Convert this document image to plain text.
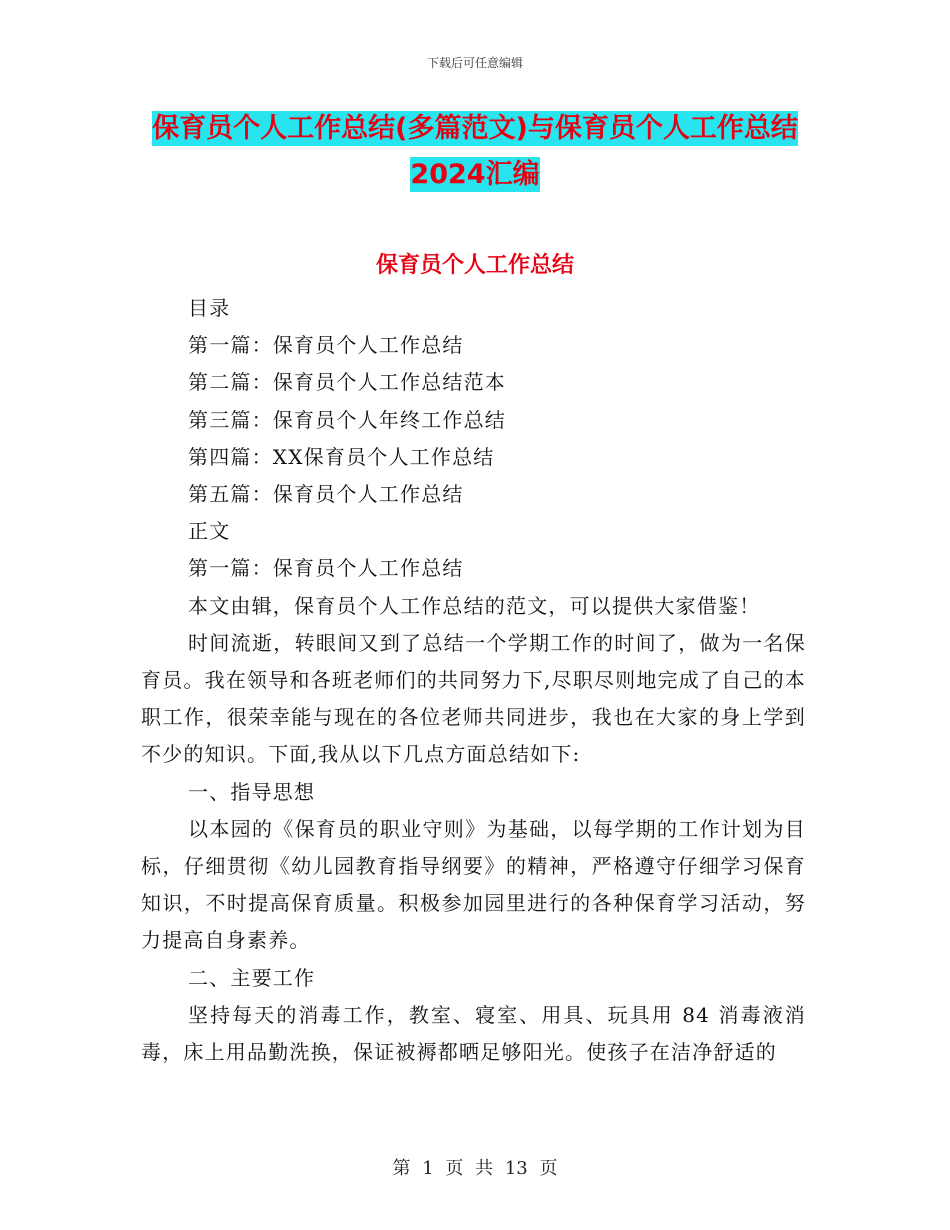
下载后可任意编辑
保育员个人工作总结(多篇范文)与保育员个人工作总结2024汇编
保育员个人工作总结

目录

第一篇：保育员个人工作总结

第二篇：保育员个人工作总结范本

第三篇：保育员个人年终工作总结

第四篇：XX保育员个人工作总结

第五篇：保育员个人工作总结

正文

第一篇：保育员个人工作总结

本文由辑，保育员个人工作总结的范文，可以提供大家借鉴！

时间流逝，转眼间又到了总结一个学期工作的时间了，做为一名保育员。我在领导和各班老师们的共同努力下,尽职尽则地完成了自己的本职工作，很荣幸能与现在的各位老师共同进步，我也在大家的身上学到不少的知识。下面,我从以下几点方面总结如下:

一、指导思想

以本园的《保育员的职业守则》为基础，以每学期的工作计划为目标，仔细贯彻《幼儿园教育指导纲要》的精神，严格遵守仔细学习保育知识，不时提高保育质量。积极参加园里进行的各种保育学习活动，努力提高自身素养。

二、主要工作

坚持每天的消毒工作，教室、寝室、用具、玩具用 84 消毒液消毒，床上用品勤洗换，保证被褥都晒足够阳光。使孩子在洁净舒适的

第 1 页 共 13 页
